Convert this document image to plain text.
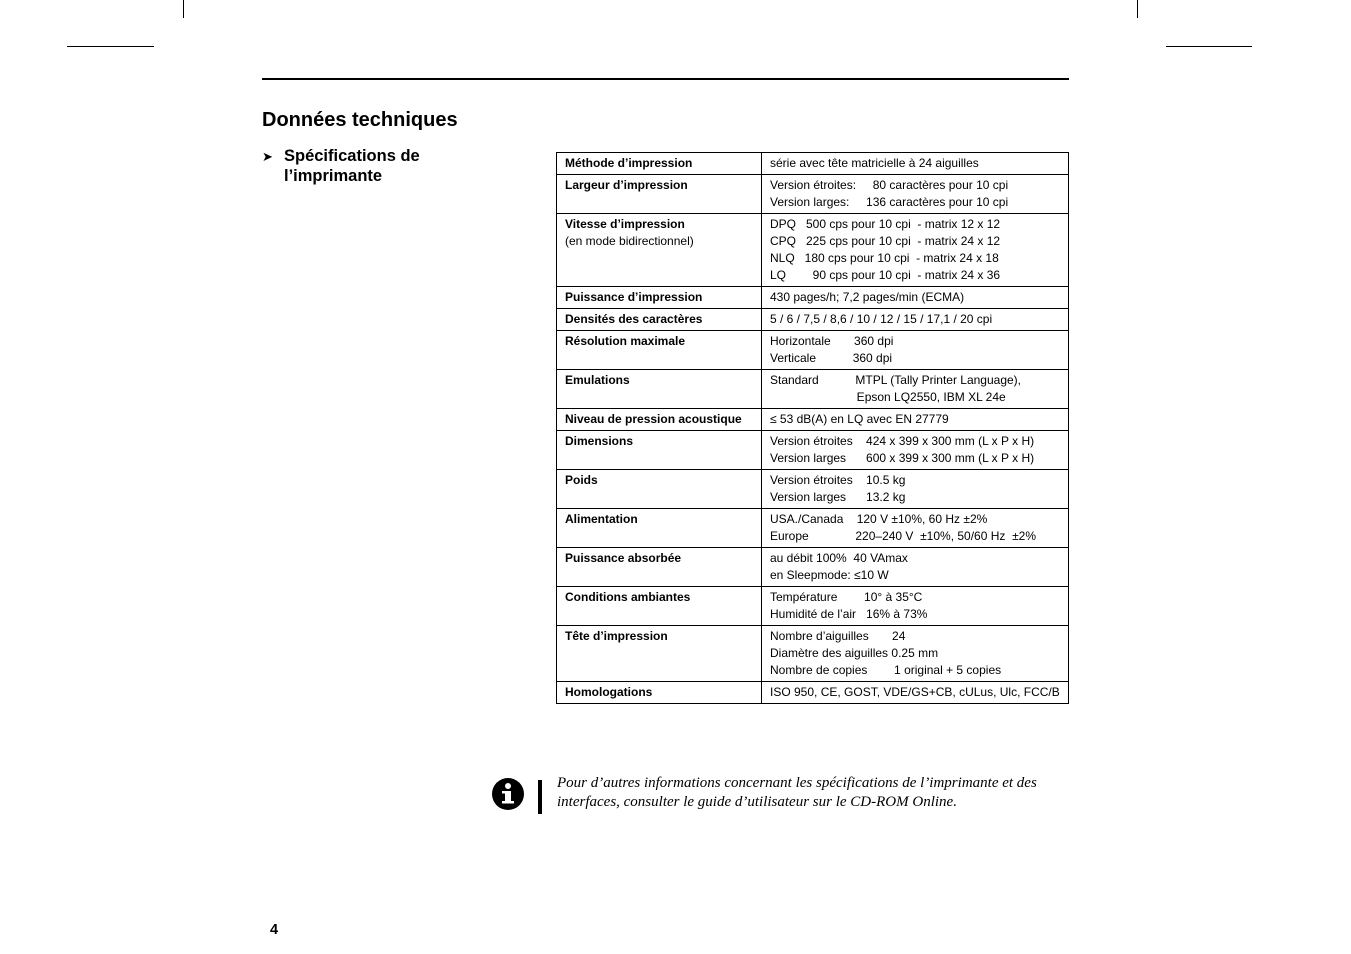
Données techniques
➤ Spécifications de
l’imprimante
Méthode d’impression	série avec tête matricielle à 24 aiguilles

Largeur d’impression	Version étroites:     80 caractères pour 10 cpi
Version larges:     136 caractères pour 10 cpi

Vitesse d’impression
(en mode bidirectionnel)	DPQ   500 cps pour 10 cpi  - matrix 12 x 12
CPQ   225 cps pour 10 cpi  - matrix 24 x 12
NLQ   180 cps pour 10 cpi  - matrix 24 x 18
LQ        90 cps pour 10 cpi  - matrix 24 x 36

Puissance d’impression	430 pages/h; 7,2 pages/min (ECMA)

Densités des caractères	5 / 6 / 7,5 / 8,6 / 10 / 12 / 15 / 17,1 / 20 cpi

Résolution maximale	Horizontale       360 dpi
Verticale           360 dpi

Emulations	Standard           MTPL (Tally Printer Language),
Epson LQ2550, IBM XL 24e

Niveau de pression acoustique	≤ 53 dB(A) en LQ avec EN 27779

Dimensions	Version étroites    424 x 399 x 300 mm (L x P x H)
Version larges      600 x 399 x 300 mm (L x P x H)

Poids	Version étroites    10.5 kg
Version larges      13.2 kg

Alimentation	USA./Canada    120 V ±10%, 60 Hz ±2%
Europe              220–240 V  ±10%, 50/60 Hz  ±2%

Puissance absorbée	au débit 100%  40 VAmax
en Sleepmode: ≤10 W

Conditions ambiantes	Température        10° à 35°C
Humidité de l’air   16% à 73%

Tête d’impression	Nombre d’aiguilles       24
Diamètre des aiguilles 0.25 mm
Nombre de copies        1 original + 5 copies

Homologations	ISO 950, CE, GOST, VDE/GS+CB, cULus, Ulc, FCC/B

Pour d’autres informations concernant les spécifications de l’imprimante et des interfaces, consulter le guide d’utilisateur sur le CD-ROM Online.

4
